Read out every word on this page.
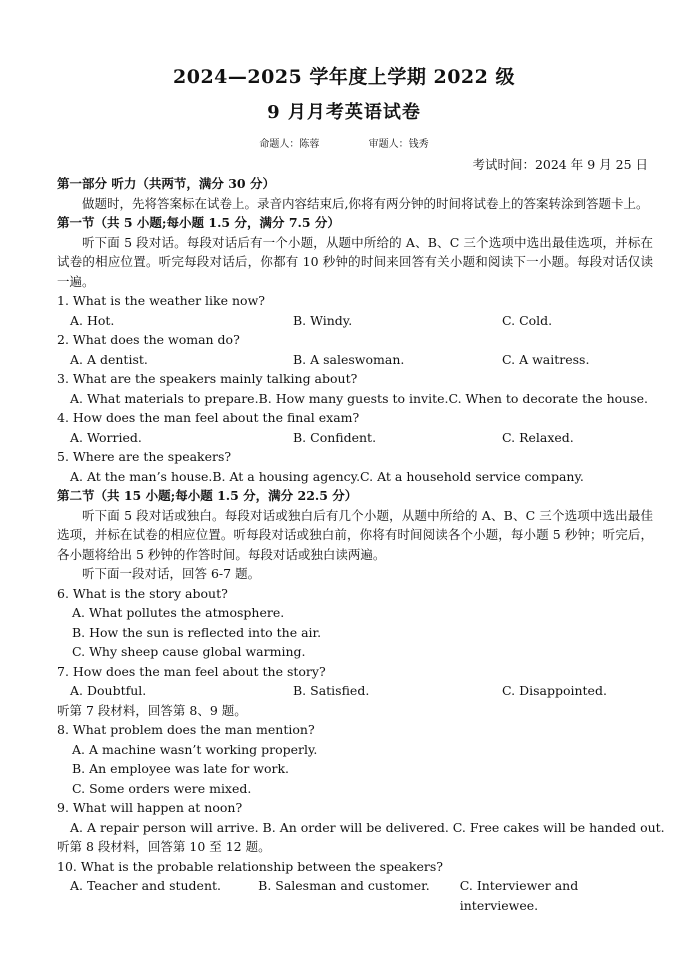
2024—2025 学年度上学期 2022 级
9 月月考英语试卷
命题人：陈蓉	审题人：钱秀
考试时间：2024 年 9 月 25 日

第一部分 听力（共两节，满分 30 分）

做题时，先将答案标在试卷上。录音内容结束后,你将有两分钟的时间将试卷上的答案转涂到答题卡上。

第一节（共 5 小题;每小题 1.5 分，满分 7.5 分）

听下面 5 段对话。每段对话后有一个小题，从题中所给的 A、B、C 三个选项中选出最佳选项，并标在试卷的相应位置。听完每段对话后，你都有 10 秒钟的时间来回答有关小题和阅读下一小题。每段对话仅读一遍。

1. What is the weather like now?

A. Hot.	B. Windy.	C. Cold.

2. What does the woman do?

A. A dentist.	B. A saleswoman.	C. A waitress.

3. What are the speakers mainly talking about?

A. What materials to prepare.B. How many guests to invite.C. When to decorate the house.

4. How does the man feel about the final exam?

A. Worried.	B. Confident.	C. Relaxed.

5. Where are the speakers?

A. At the man’s house.B. At a housing agency.C. At a household service company.

第二节（共 15 小题;每小题 1.5 分，满分 22.5 分）

听下面 5 段对话或独白。每段对话或独白后有几个小题，从题中所给的 A、B、C 三个选项中选出最佳选项，并标在试卷的相应位置。听每段对话或独白前，你将有时间阅读各个小题，每小题 5 秒钟；听完后，各小题将给出 5 秒钟的作答时间。每段对话或独白读两遍。

听下面一段对话，回答 6-7 题。

6. What is the story about?

A. What pollutes the atmosphere.

B. How the sun is reflected into the air.

C. Why sheep cause global warming.

7. How does the man feel about the story?

A. Doubtful.	B. Satisfied.	C. Disappointed.

听第 7 段材料，回答第 8、9 题。

8. What problem does the man mention?

A. A machine wasn’t working properly.

B. An employee was late for work.

C. Some orders were mixed.

9. What will happen at noon?

A. A repair person will arrive. B. An order will be delivered. C. Free cakes will be handed out.

听第 8 段材料，回答第 10 至 12 题。

10. What is the probable relationship between the speakers?

A. Teacher and student.	B. Salesman and customer.	C. Interviewer and interviewee.
